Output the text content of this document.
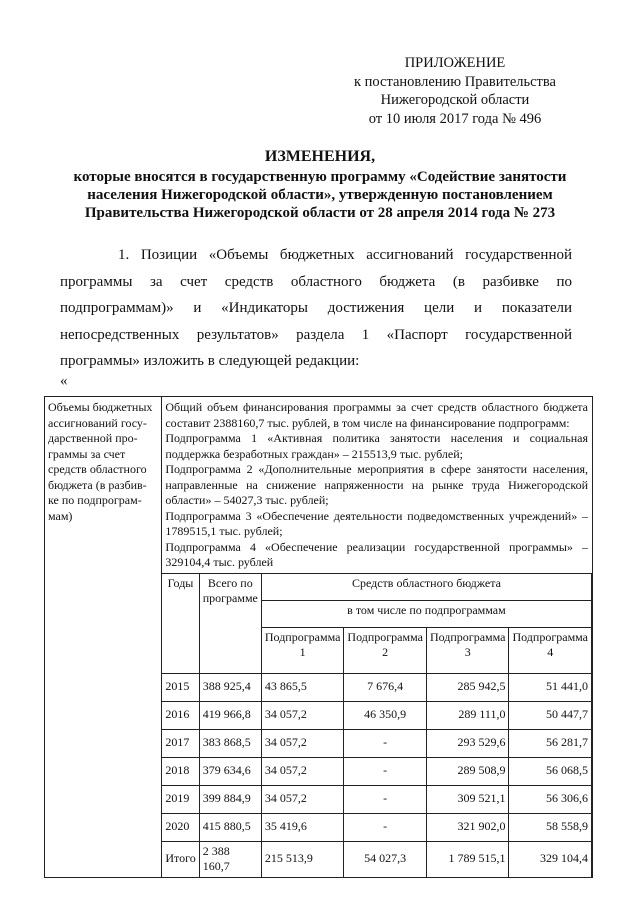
ПРИЛОЖЕНИЕ
к постановлению Правительства
Нижегородской области
от 10 июля 2017 года № 496
ИЗМЕНЕНИЯ,
которые вносятся в государственную программу «Содействие занятости
населения Нижегородской области», утвержденную постановлением
Правительства Нижегородской области от 28 апреля 2014 года № 273
1. Позиции «Объемы бюджетных ассигнований государственной
программы за счет средств областного бюджета (в разбивке по
подпрограммам)» и «Индикаторы достижения цели и показатели
непосредственных результатов» раздела 1 «Паспорт государственной
программы» изложить в следующей редакции:
«
Объемы бюджетных
ассигнований госу-
дарственной про-
граммы за счет
средств областного
бюджета (в разбив-
ке по подпрограм-
мам)

Общий объем финансирования программы за счет средств областного бюджета составит 2388160,7 тыс. рублей, в том числе на финансирование подпрограмм:

Подпрограмма 1 «Активная политика занятости населения и социальная поддержка безработных граждан» – 215513,9 тыс. рублей;

Подпрограмма 2 «Дополнительные мероприятия в сфере занятости населения, направленные на снижение напряженности на рынке труда Нижегородской области» – 54027,3 тыс. рублей;

Подпрограмма 3 «Обеспечение деятельности подведомственных учреждений» – 1789515,1 тыс. рублей;

Подпрограмма 4 «Обеспечение реализации государственной программы» – 329104,4 тыс. рублей

Годы	Всего по программе	Средств областного бюджета
в том числе по подпрограммам
Подпрограмма 1	Подпрограмма 2	Подпрограмма 3	Подпрограмма 4
2015	388 925,4	43 865,5	7 676,4	285 942,5	51 441,0
2016	419 966,8	34 057,2	46 350,9	289 111,0	50 447,7
2017	383 868,5	34 057,2	-	293 529,6	56 281,7
2018	379 634,6	34 057,2	-	289 508,9	56 068,5
2019	399 884,9	34 057,2	-	309 521,1	56 306,6
2020	415 880,5	35 419,6	-	321 902,0	58 558,9
Итого	2 388 160,7	215 513,9	54 027,3	1 789 515,1	329 104,4
